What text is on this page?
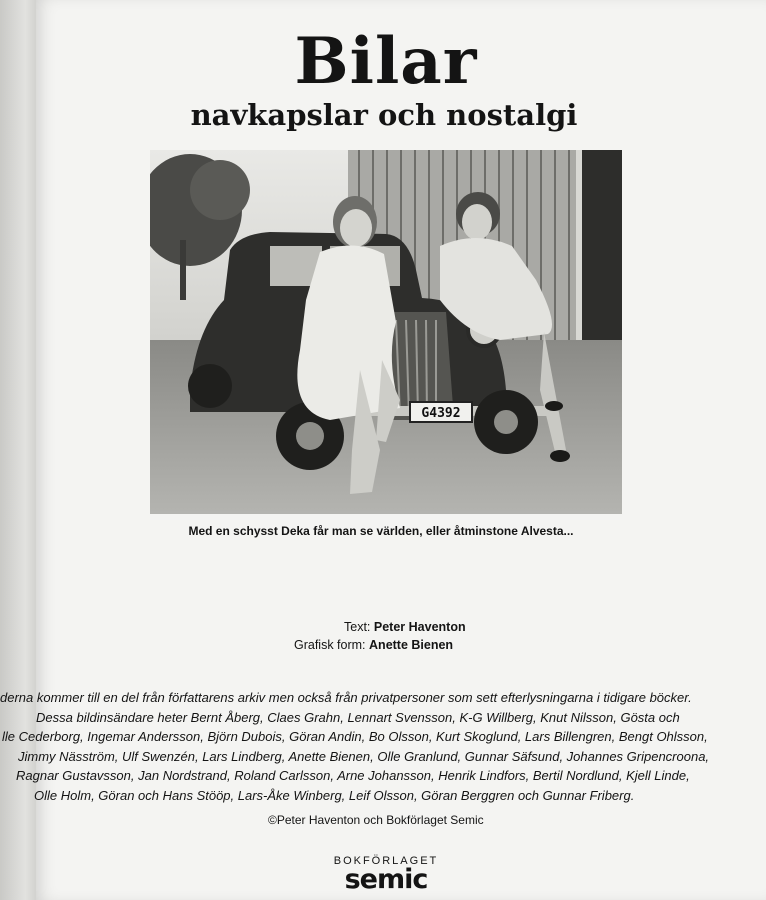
Bilar
navkapslar och nostalgi
G4392

Med en schysst Deka får man se världen, eller åtminstone Alvesta...

Text: Peter Haventon

Grafisk form: Anette Bienen

derna kommer till en del från författarens arkiv men också från privatpersoner som sett efterlysningarna i tidigare böcker.
Dessa bildinsändare heter Bernt Åberg, Claes Grahn, Lennart Svensson, K-G Willberg, Knut Nilsson, Gösta och
lle Cederborg, Ingemar Andersson, Björn Dubois, Göran Andin, Bo Olsson, Kurt Skoglund, Lars Billengren, Bengt Ohlsson,
Jimmy Näsström, Ulf Swenzén, Lars Lindberg, Anette Bienen, Olle Granlund, Gunnar Säfsund, Johannes Gripencroona,
Ragnar Gustavsson, Jan Nordstrand, Roland Carlsson, Arne Johansson, Henrik Lindfors, Bertil Nordlund, Kjell Linde,
Olle Holm, Göran och Hans Stööp, Lars-Åke Winberg, Leif Olsson, Göran Berggren och Gunnar Friberg.

©Peter Haventon och Bokförlaget Semic

BOKFÖRLAGET

semic
